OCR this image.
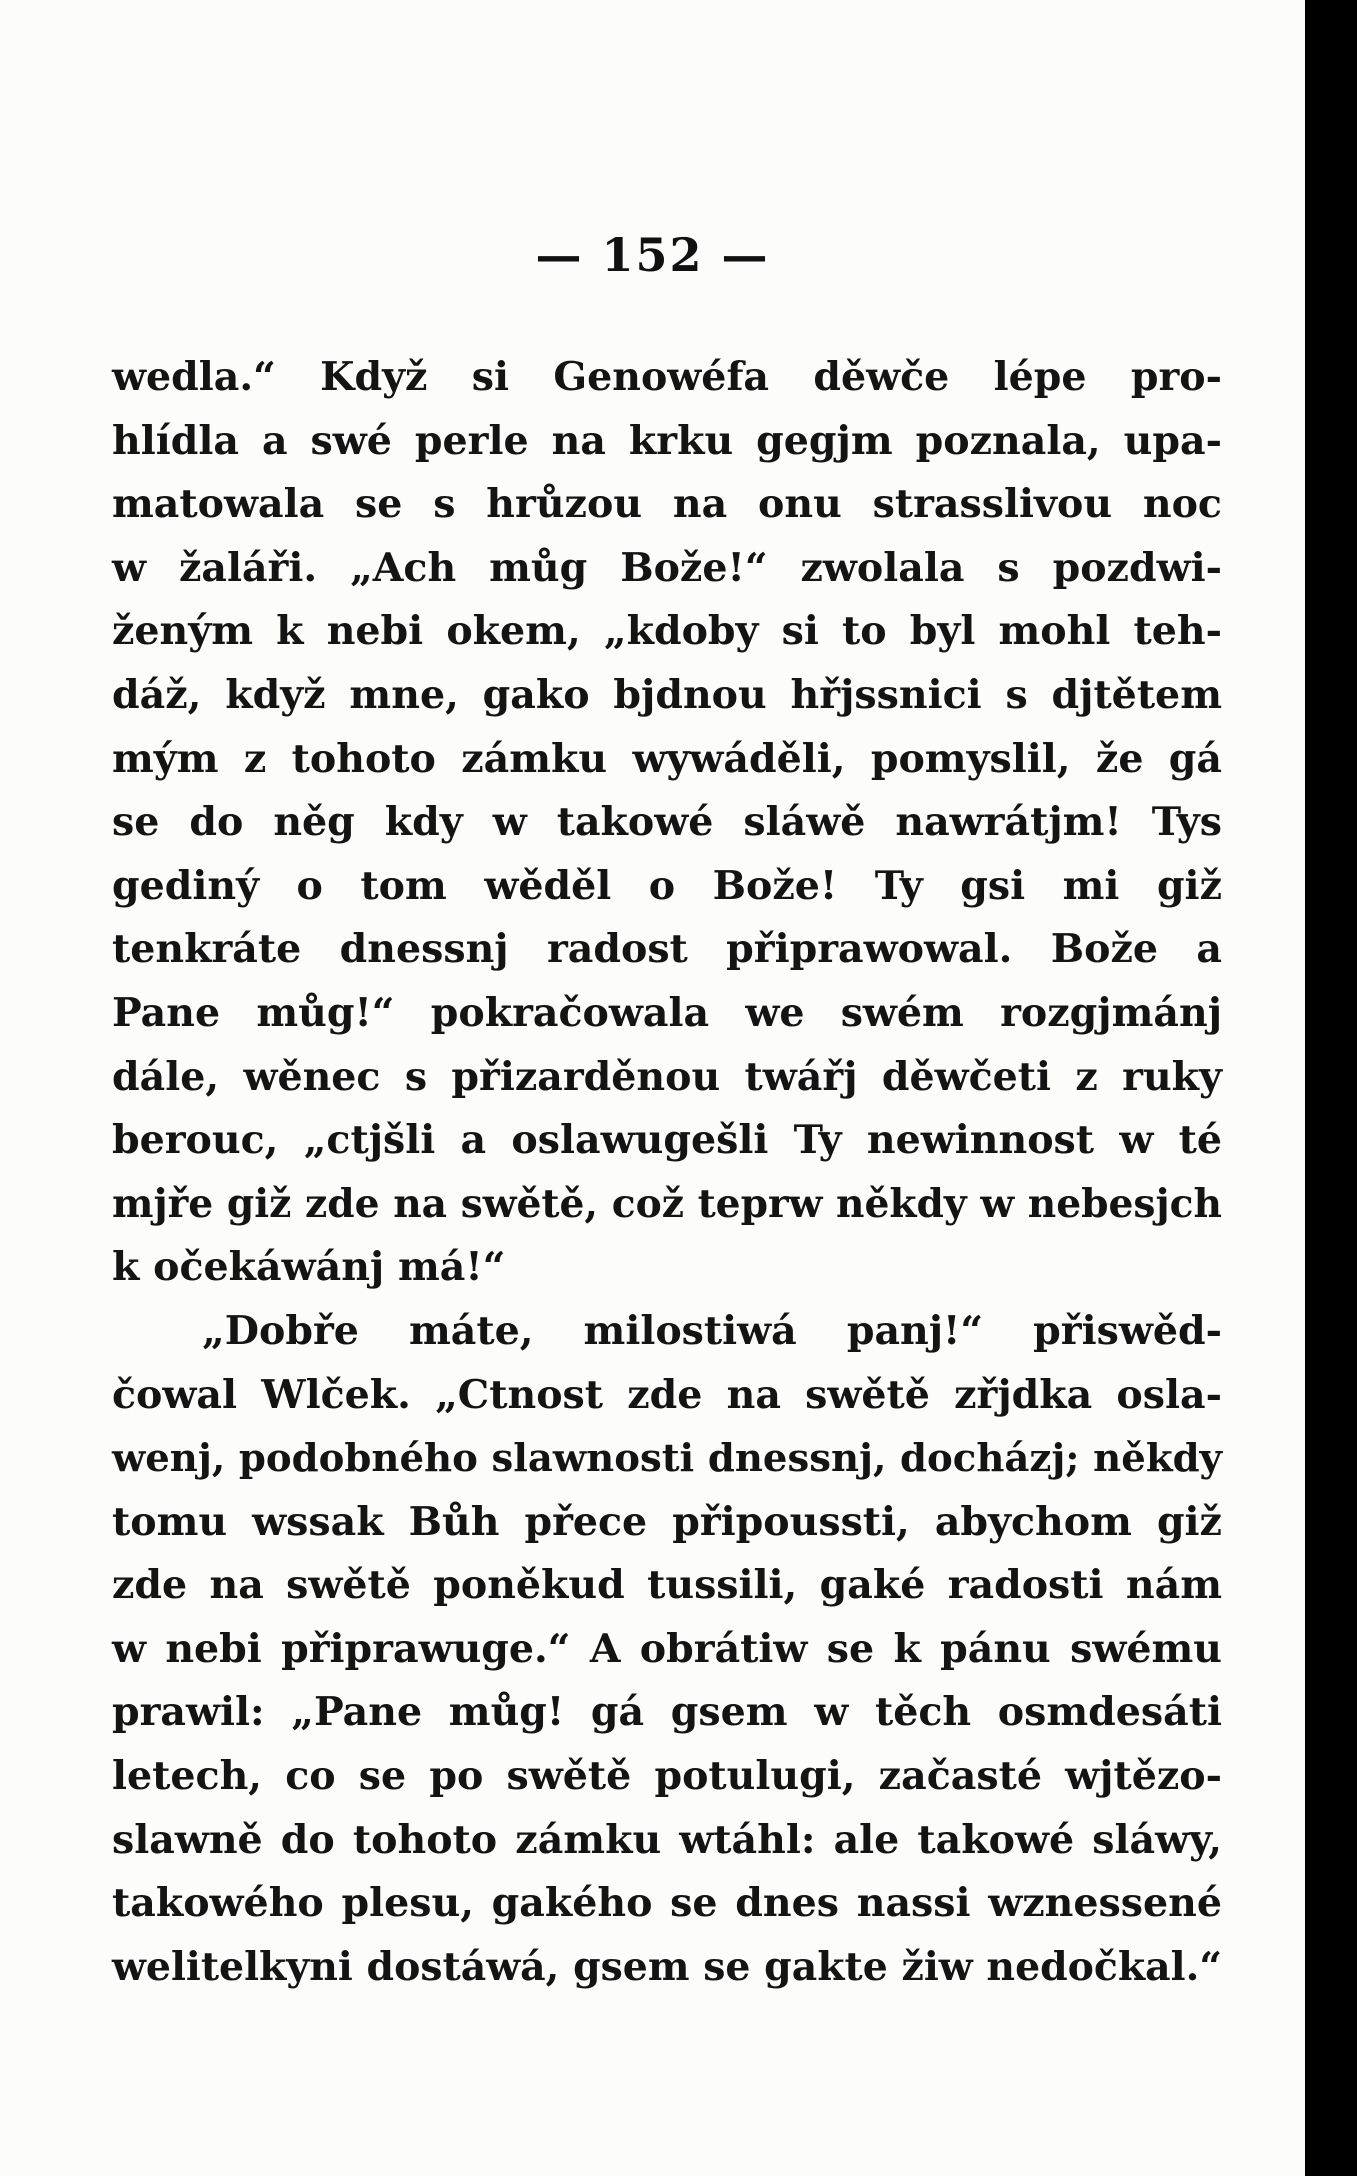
— 152 —
wedla.“ Když si Genowéfa děwče lépe pro-
hlídla a swé perle na krku gegjm poznala, upa-
matowala se s hrůzou na onu strasslivou noc
w žaláři. „Ach můg Bože!“ zwolala s pozdwi-
ženým k nebi okem, „kdoby si to byl mohl teh-
dáž, když mne, gako bjdnou hřjssnici s djtětem
mým z tohoto zámku wywáděli, pomyslil, že gá
se do něg kdy w takowé sláwě nawrátjm! Tys
gediný o tom wěděl o Bože! Ty gsi mi giž
tenkráte dnessnj radost připrawowal. Bože a
Pane můg!“ pokračowala we swém rozgjmánj
dále, wěnec s přizarděnou twářj děwčeti z ruky
berouc, „ctjšli a oslawugešli Ty newinnost w té
mjře giž zde na swětě, což teprw někdy w nebesjch
k očekáwánj má!“
„Dobře máte, milostiwá panj!“ přiswěd-
čowal Wlček. „Ctnost zde na swětě zřjdka osla-
wenj, podobného slawnosti dnessnj, docházj; někdy
tomu wssak Bůh přece připoussti, abychom giž
zde na swětě poněkud tussili, gaké radosti nám
w nebi připrawuge.“ A obrátiw se k pánu swému
prawil: „Pane můg! gá gsem w těch osmdesáti
letech, co se po swětě potulugi, začasté wjtězo-
slawně do tohoto zámku wtáhl: ale takowé sláwy,
takowého plesu, gakého se dnes nassi wznessené
welitelkyni dostáwá, gsem se gakte žiw nedočkal.“
